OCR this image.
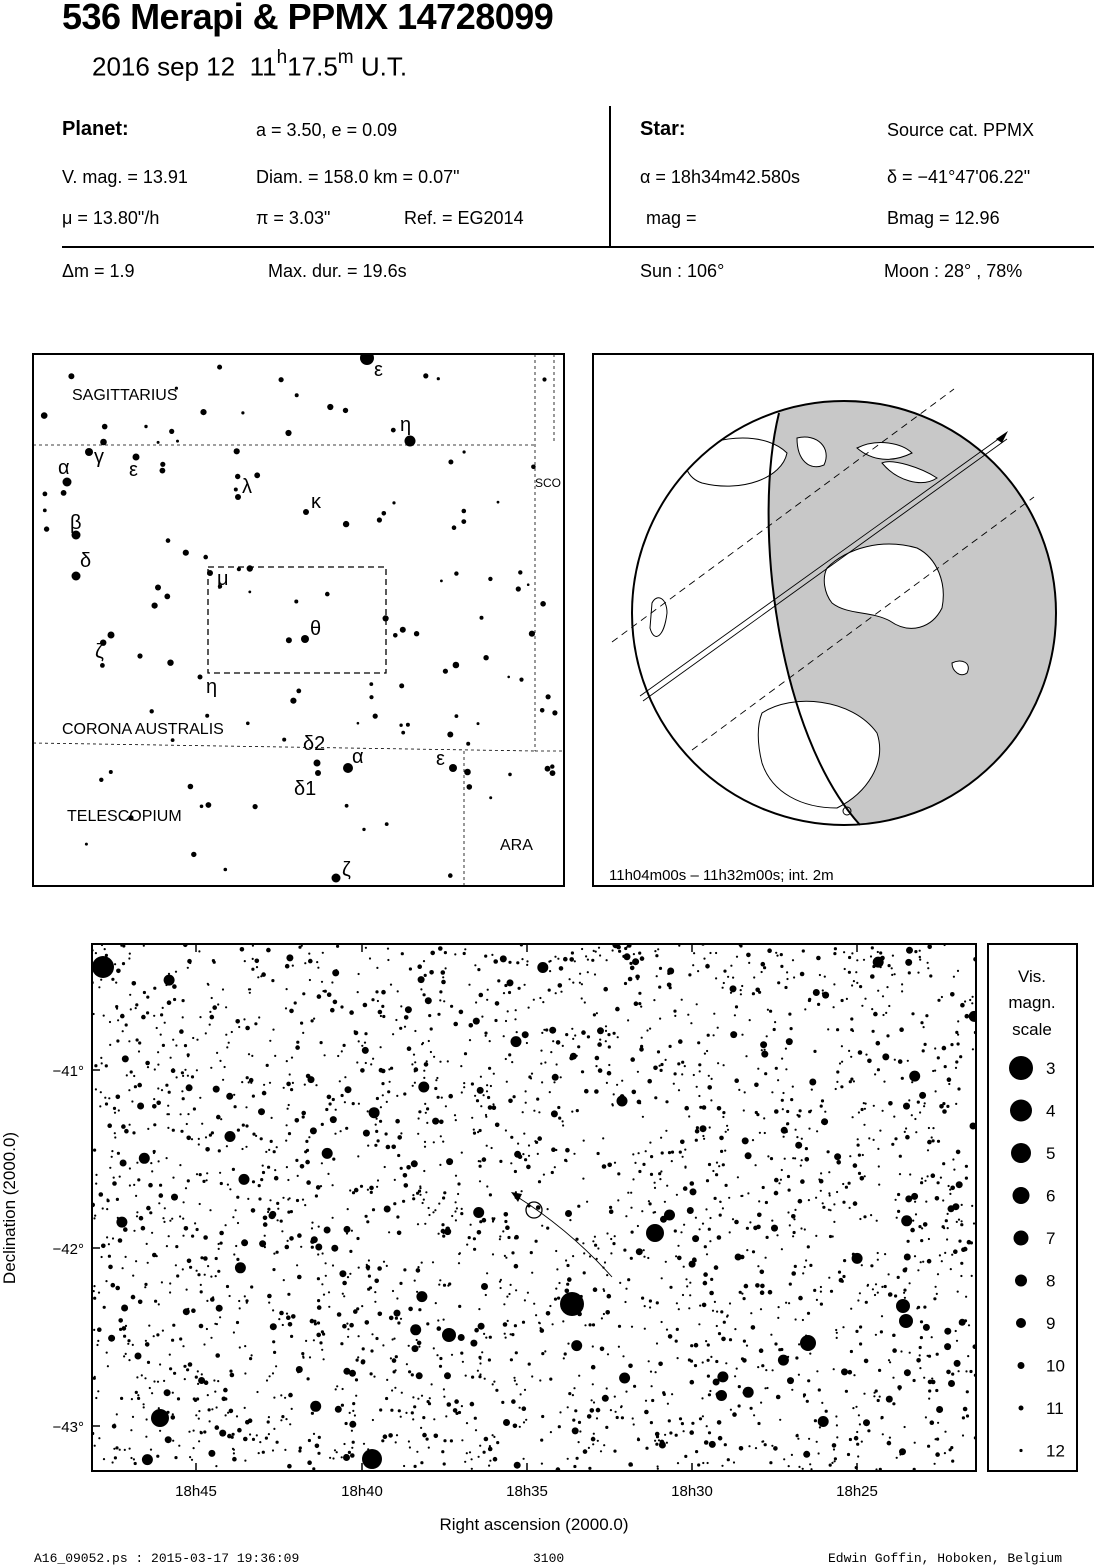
536 Merapi & PPMX 14728099
2016 sep 12 11$^h$17.5$^m$ U.T.
Planet:	a = 3.50, e = 0.09
V. mag. = 13.91	Diam. = 158.0 km = 0.07"
μ = 13.80"/h	π = 3.03"	Ref. = EG2014
Star:	Source cat. PPMX
α = 18h34m42.580s	δ = −41°47'06.22"
mag =	Bmag = 12.96
Δm = 1.9	Max. dur. = 19.6s	Sun : 106°	Moon : 28° , 78%
SAGITTARIUS
SCO
CORONA AUSTRALIS
TELESCOPIUM
ARA
ε
η
α γ
ε
λ
κ
β
δ
μ
θ
ζ
η
δ2
α	ε
δ1
ζ	11h04m00s – 11h32m00s; int. 2m
−41°
−42°
−43°
18h45	18h40	18h35	18h30	18h25
Declination (2000.0)
Right ascension (2000.0)
Vis.
magn.
scale
3
4
5
6
7
8
9
10
11
12
A16_09052.ps : 2015-03-17 19:36:09	3100	Edwin Goffin, Hoboken, Belgium
